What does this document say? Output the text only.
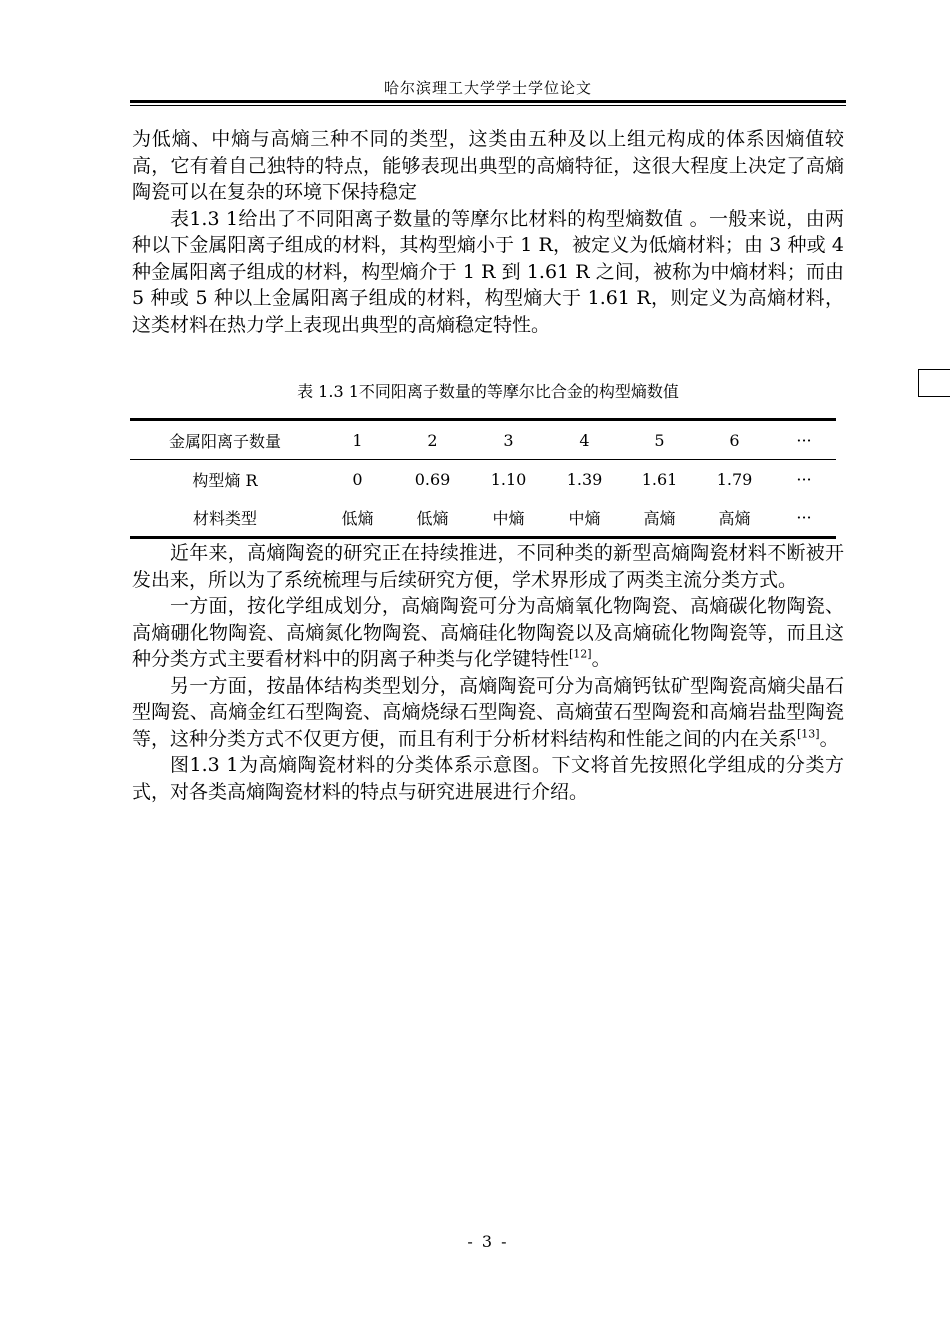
哈尔滨理工大学学士学位论文

为低熵、中熵与高熵三种不同的类型，这类由五种及以上组元构成的体系因熵值较高，它有着自己独特的特点，能够表现出典型的高熵特征，这很大程度上决定了高熵陶瓷可以在复杂的环境下保持稳定

表1.3 1给出了不同阳离子数量的等摩尔比材料的构型熵数值 。一般来说，由两种以下金属阳离子组成的材料，其构型熵小于 1 R，被定义为低熵材料；由 3 种或 4 种金属阳离子组成的材料，构型熵介于 1 R 到 1.61 R 之间，被称为中熵材料；而由 5 种或 5 种以上金属阳离子组成的材料，构型熵大于 1.61 R，则定义为高熵材料，这类材料在热力学上表现出典型的高熵稳定特性。

表 1.3 1不同阳离子数量的等摩尔比合金的构型熵数值
金属阳离子数量	1	2	3	4	5	6	···
构型熵 R	0	0.69	1.10	1.39	1.61	1.79	···
材料类型	低熵	低熵	中熵	中熵	高熵	高熵	···

近年来，高熵陶瓷的研究正在持续推进，不同种类的新型高熵陶瓷材料不断被开发出来，所以为了系统梳理与后续研究方便，学术界形成了两类主流分类方式。

一方面，按化学组成划分，高熵陶瓷可分为高熵氧化物陶瓷、高熵碳化物陶瓷、高熵硼化物陶瓷、高熵氮化物陶瓷、高熵硅化物陶瓷以及高熵硫化物陶瓷等，而且这种分类方式主要看材料中的阴离子种类与化学键特性[12]。

另一方面，按晶体结构类型划分，高熵陶瓷可分为高熵钙钛矿型陶瓷高熵尖晶石型陶瓷、高熵金红石型陶瓷、高熵烧绿石型陶瓷、高熵萤石型陶瓷和高熵岩盐型陶瓷等，这种分类方式不仅更方便，而且有利于分析材料结构和性能之间的内在关系[13]。

图1.3 1为高熵陶瓷材料的分类体系示意图。下文将首先按照化学组成的分类方式，对各类高熵陶瓷材料的特点与研究进展进行介绍。

- 3 -
